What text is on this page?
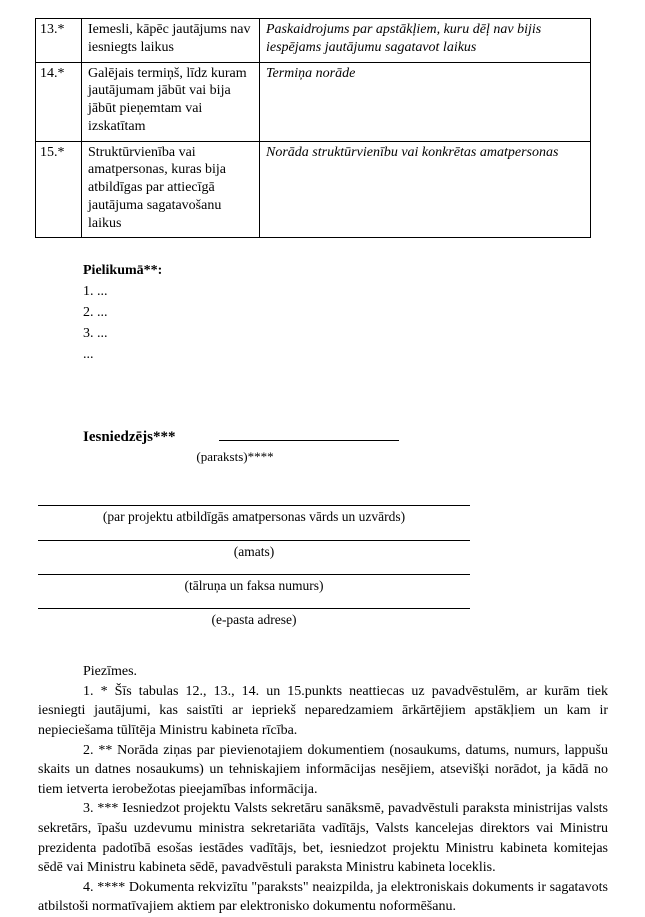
13.*	Iemesli, kāpēc jautājums nav iesniegts laikus	Paskaidrojums par apstākļiem, kuru dēļ nav bijis iespējams jautājumu sagatavot laikus
14.*	Galējais termiņš, līdz kuram jautājumam jābūt vai bija jābūt pieņemtam vai izskatītam	Termiņa norāde
15.*	Struktūrvienība vai amatpersonas, kuras bija atbildīgas par attiecīgā jautājuma sagatavošanu laikus	Norāda struktūrvienību vai konkrētas amatpersonas
Pielikumā**:
1. ...
2. ...
3. ...
...
Iesniedzējs***
(paraksts)****
(par projektu atbildīgās amatpersonas vārds un uzvārds)
(amats)
(tālruņa un faksa numurs)
(e-pasta adrese)
Piezīmes.

1. * Šīs tabulas 12., 13., 14. un 15.punkts neattiecas uz pavadvēstulēm, ar kurām tiek iesniegti jautājumi, kas saistīti ar iepriekš neparedzamiem ārkārtējiem apstākļiem un kam ir nepieciešama tūlītēja Ministru kabineta rīcība.

2. ** Norāda ziņas par pievienotajiem dokumentiem (nosaukums, datums, numurs, lappušu skaits un datnes nosaukums) un tehniskajiem informācijas nesējiem, atsevišķi norādot, ja kādā no tiem ietverta ierobežotas pieejamības informācija.

3. *** Iesniedzot projektu Valsts sekretāru sanāksmē, pavadvēstuli paraksta ministrijas valsts sekretārs, īpašu uzdevumu ministra sekretariāta vadītājs, Valsts kancelejas direktors vai Ministru prezidenta padotībā esošas iestādes vadītājs, bet, iesniedzot projektu Ministru kabineta komitejas sēdē vai Ministru kabineta sēdē, pavadvēstuli paraksta Ministru kabineta loceklis.

4. **** Dokumenta rekvizītu "paraksts" neaizpilda, ja elektroniskais dokuments ir sagatavots atbilstoši normatīvajiem aktiem par elektronisko dokumentu noformēšanu.
